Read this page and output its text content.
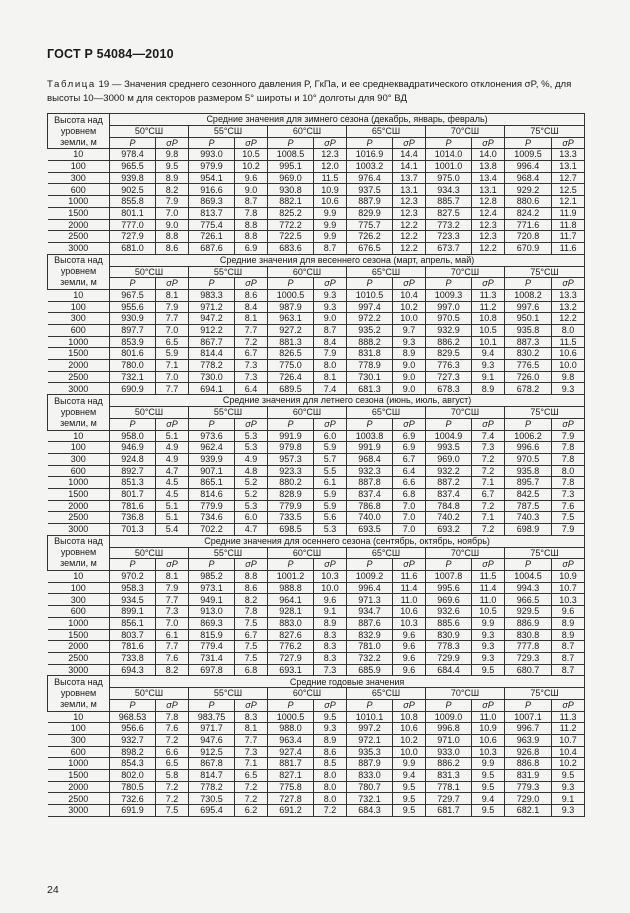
ГОСТ Р 54084—2010
Таблица 19 — Значения среднего сезонного давления P, ГкПа, и ее среднеквадратического отклонения σP, %, для высоты 10—3000 м для секторов размером 5° широты и 10° долготы для 90° ВД
Высота над уровнем земли, м	Средние значения для зимнего сезона (декабрь, январь, февраль)											
	50°СШ		55°СШ		60°СШ		65°СШ		70°СШ		75°СШ	
	P	σP	P	σP	P	σP	P	σP	P	σP	P	σP
10	978.4	9.8	993.0	10.5	1008.5	12.3	1016.9	14.4	1014.0	14.0	1009.5	13.3
100	965.5	9.5	979.9	10.2	995.1	12.0	1003.2	14.1	1001.0	13.8	996.4	13.1
300	939.8	8.9	954.1	9.6	969.0	11.5	976.4	13.7	975.0	13.4	968.4	12.7
600	902.5	8.2	916.6	9.0	930.8	10.9	937.5	13.1	934.3	13.1	929.2	12.5
1000	855.8	7.9	869.3	8.7	882.1	10.6	887.9	12.3	885.7	12.8	880.6	12.1
1500	801.1	7.0	813.7	7.8	825.2	9.9	829.9	12.3	827.5	12.4	824.2	11.9
2000	777.0	9.0	775.4	8.8	772.2	9.9	775.7	12.2	773.2	12.3	771.6	11.8
2500	727.9	8.8	726.1	8.8	722.5	9.9	726.2	12.2	723.3	12.3	720.8	11.7
3000	681.0	8.6	687.6	6.9	683.6	8.7	676.5	12.2	673.7	12.2	670.9	11.6
Высота над уровнем земли, м	Средние значения для весеннего сезона (март, апрель, май)											
	50°СШ		55°СШ		60°СШ		65°СШ		70°СШ		75°СШ	
	P	σP	P	σP	P	σP	P	σP	P	σP	P	σP
10	967.5	8.1	983.3	8.6	1000.5	9.3	1010.5	10.4	1009.3	11.3	1008.2	13.3
100	955.6	7.9	971.2	8.4	987.9	9.3	997.4	10.2	997.0	11.2	997.6	13.2
300	930.9	7.7	947.2	8.1	963.1	9.0	972.2	10.0	970.5	10.8	950.1	12.2
600	897.7	7.0	912.2	7.7	927.2	8.7	935.2	9.7	932.9	10.5	935.8	8.0
1000	853.9	6.5	867.7	7.2	881.3	8.4	888.2	9.3	886.2	10.1	887.3	11.5
1500	801.6	5.9	814.4	6.7	826.5	7.9	831.8	8.9	829.5	9.4	830.2	10.6
2000	780.0	7.1	778.2	7.3	775.0	8.0	778.9	9.0	776.3	9.3	776.5	10.0
2500	732.1	7.0	730.0	7.3	726.4	8.1	730.1	9.0	727.3	9.1	726.0	9.8
3000	690.9	7.7	694.1	6.4	689.5	7.4	681.3	9.0	678.3	8.9	678.2	9.3
Высота над уровнем земли, м	Средние значения для летнего сезона (июнь, июль, август)											
	50°СШ		55°СШ		60°СШ		65°СШ		70°СШ		75°СШ	
	P	σP	P	σP	P	σP	P	σP	P	σP	P	σP
10	958.0	5.1	973.6	5.3	991.9	6.0	1003.8	6.9	1004.9	7.4	1006.2	7.9
100	946.9	4.9	962.4	5.3	979.8	5.9	991.9	6.9	993.5	7.3	996.6	7.8
300	924.8	4.9	939.9	4.9	957.3	5.7	968.4	6.7	969.0	7.2	970.5	7.8
600	892.7	4.7	907.1	4.8	923.3	5.5	932.3	6.4	932.2	7.2	935.8	8.0
1000	851.3	4.5	865.1	5.2	880.2	6.1	887.8	6.6	887.2	7.1	895.7	7.8
1500	801.7	4.5	814.6	5.2	828.9	5.9	837.4	6.8	837.4	6.7	842.5	7.3
2000	781.6	5.1	779.9	5.3	779.9	5.9	786.8	7.0	784.8	7.2	787.5	7.6
2500	736.8	5.1	734.6	6.0	733.5	5.6	740.0	7.0	740.2	7.1	740.3	7.5
3000	701.3	5.4	702.2	4.7	698.5	5.3	693.5	7.0	693.2	7.2	698.9	7.9
Высота над уровнем земли, м	Средние значения для осеннего сезона (сентябрь, октябрь, ноябрь)											
	50°СШ		55°СШ		60°СШ		65°СШ		70°СШ		75°СШ	
	P	σP	P	σP	P	σP	P	σP	P	σP	P	σP
10	970.2	8.1	985.2	8.8	1001.2	10.3	1009.2	11.6	1007.8	11.5	1004.5	10.9
100	958.3	7.9	973.1	8.6	988.8	10.0	996.4	11.4	995.6	11.4	994.3	10.7
300	934.5	7.7	949.1	8.2	964.1	9.6	971.3	11.0	969.6	11.0	966.5	10.3
600	899.1	7.3	913.0	7.8	928.1	9.1	934.7	10.6	932.6	10.5	929.5	9.6
1000	856.1	7.0	869.3	7.5	883.0	8.9	887.6	10.3	885.6	9.9	886.9	8.9
1500	803.7	6.1	815.9	6.7	827.6	8.3	832.9	9.6	830.9	9.3	830.8	8.9
2000	781.6	7.7	779.4	7.5	776.2	8.3	781.0	9.6	778.3	9.3	777.8	8.7
2500	733.8	7.6	731.4	7.5	727.9	8.3	732.2	9.6	729.9	9.3	729.3	8.7
3000	694.3	8.2	697.8	6.8	693.1	7.3	685.9	9.6	684.4	9.5	680.7	8.7
Высота над уровнем земли, м	Средние годовые значения											
	50°СШ		55°СШ		60°СШ		65°СШ		70°СШ		75°СШ	
	P	σP	P	σP	P	σP	P	σP	P	σP	P	σP
10	968.53	7.8	983.75	8.3	1000.5	9.5	1010.1	10.8	1009.0	11.0	1007.1	11.3
100	956.6	7.6	971.7	8.1	988.0	9.3	997.2	10.6	996.8	10.9	996.7	11.2
300	932.7	7.2	947.6	7.7	963.4	8.9	972.1	10.2	971.0	10.6	963.9	10.7
600	898.2	6.6	912.5	7.3	927.4	8.6	935.3	10.0	933.0	10.3	926.8	10.4
1000	854.3	6.5	867.8	7.1	881.7	8.5	887.9	9.9	886.2	9.9	886.8	10.2
1500	802.0	5.8	814.7	6.5	827.1	8.0	833.0	9.4	831.3	9.5	831.9	9.5
2000	780.5	7.2	778.2	7.2	775.8	8.0	780.7	9.5	778.1	9.5	779.3	9.3
2500	732.6	7.2	730.5	7.2	727.8	8.0	732.1	9.5	729.7	9.4	729.0	9.1
3000	691.9	7.5	695.4	6.2	691.2	7.2	684.3	9.5	681.7	9.5	682.1	9.3
24
